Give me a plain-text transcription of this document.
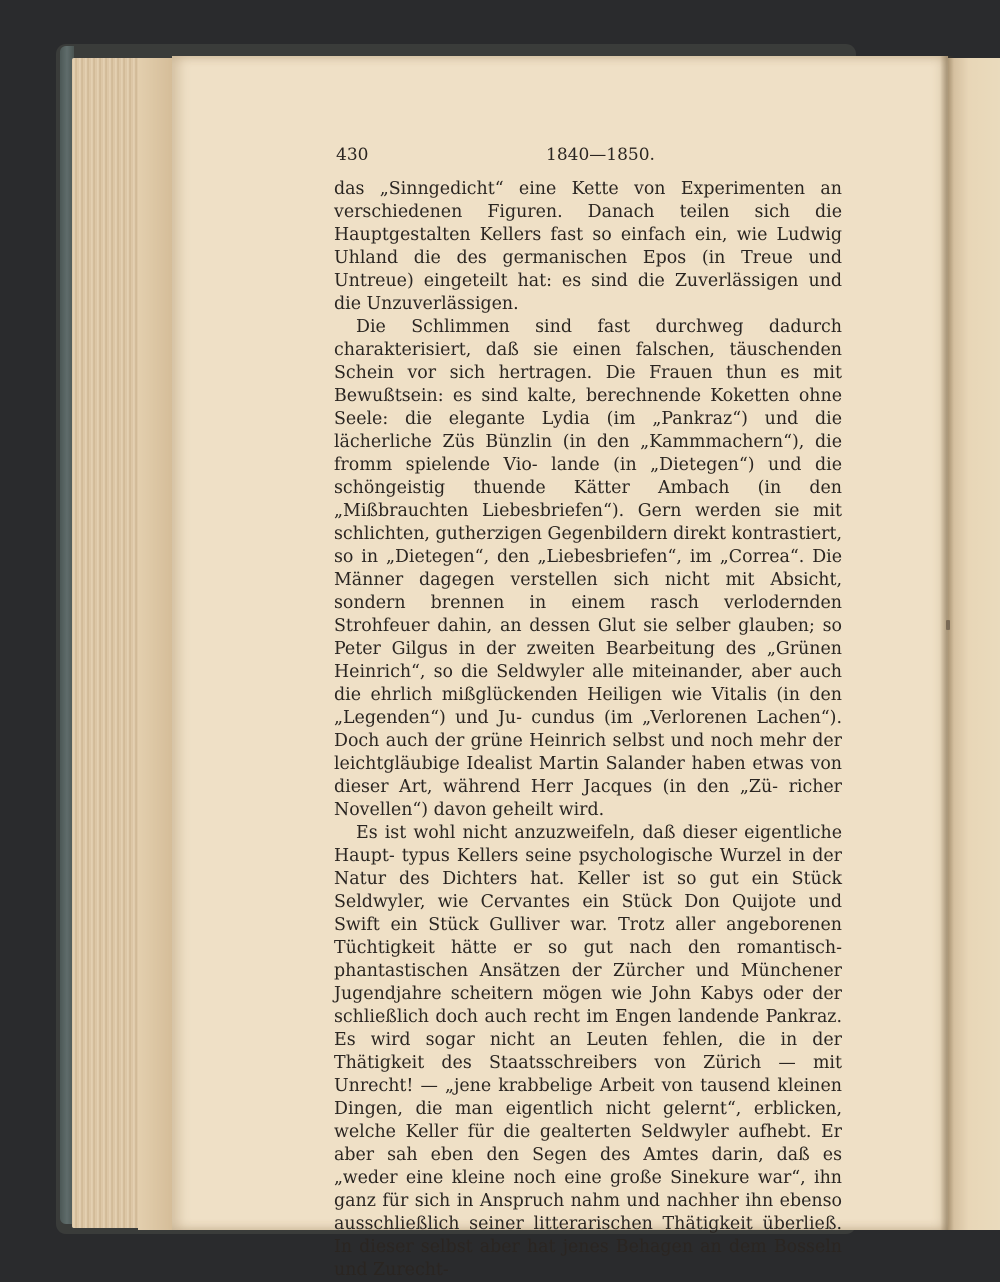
430	1840—1850.

das „Sinngedicht“ eine Kette von Experimenten an verschiedenen Figuren. Danach teilen sich die Hauptgestalten Kellers fast so einfach ein, wie Ludwig Uhland die des germanischen Epos (in Treue und Untreue) eingeteilt hat: es sind die Zuverlässigen und die Unzuverlässigen.

Die Schlimmen sind fast durchweg dadurch charakterisiert, daß sie einen falschen, täuschenden Schein vor sich hertragen. Die Frauen thun es mit Bewußtsein: es sind kalte, berechnende Koketten ohne Seele: die elegante Lydia (im „Pankraz“) und die lächerliche Züs Bünzlin (in den „Kammmachern“), die fromm spielende Vio- lande (in „Dietegen“) und die schöngeistig thuende Kätter Ambach (in den „Mißbrauchten Liebesbriefen“). Gern werden sie mit schlichten, gutherzigen Gegenbildern direkt kontrastiert, so in „Dietegen“, den „Liebesbriefen“, im „Correa“. Die Männer dagegen verstellen sich nicht mit Absicht, sondern brennen in einem rasch verlodernden Strohfeuer dahin, an dessen Glut sie selber glauben; so Peter Gilgus in der zweiten Bearbeitung des „Grünen Heinrich“, so die Seldwyler alle miteinander, aber auch die ehrlich mißglückenden Heiligen wie Vitalis (in den „Legenden“) und Ju- cundus (im „Verlorenen Lachen“). Doch auch der grüne Heinrich selbst und noch mehr der leichtgläubige Idealist Martin Salander haben etwas von dieser Art, während Herr Jacques (in den „Zü- richer Novellen“) davon geheilt wird.

Es ist wohl nicht anzuzweifeln, daß dieser eigentliche Haupt- typus Kellers seine psychologische Wurzel in der Natur des Dichters hat. Keller ist so gut ein Stück Seldwyler, wie Cervantes ein Stück Don Quijote und Swift ein Stück Gulliver war. Trotz aller angeborenen Tüchtigkeit hätte er so gut nach den romantisch- phantastischen Ansätzen der Zürcher und Münchener Jugendjahre scheitern mögen wie John Kabys oder der schließlich doch auch recht im Engen landende Pankraz. Es wird sogar nicht an Leuten fehlen, die in der Thätigkeit des Staatsschreibers von Zürich — mit Unrecht! — „jene krabbelige Arbeit von tausend kleinen Dingen, die man eigentlich nicht gelernt“, erblicken, welche Keller für die gealterten Seldwyler aufhebt. Er aber sah eben den Segen des Amtes darin, daß es „weder eine kleine noch eine große Sinekure war“, ihn ganz für sich in Anspruch nahm und nachher ihn ebenso ausschließlich seiner litterarischen Thätigkeit überließ. In dieser selbst aber hat jenes Behagen an dem Bosseln und Zurecht-
